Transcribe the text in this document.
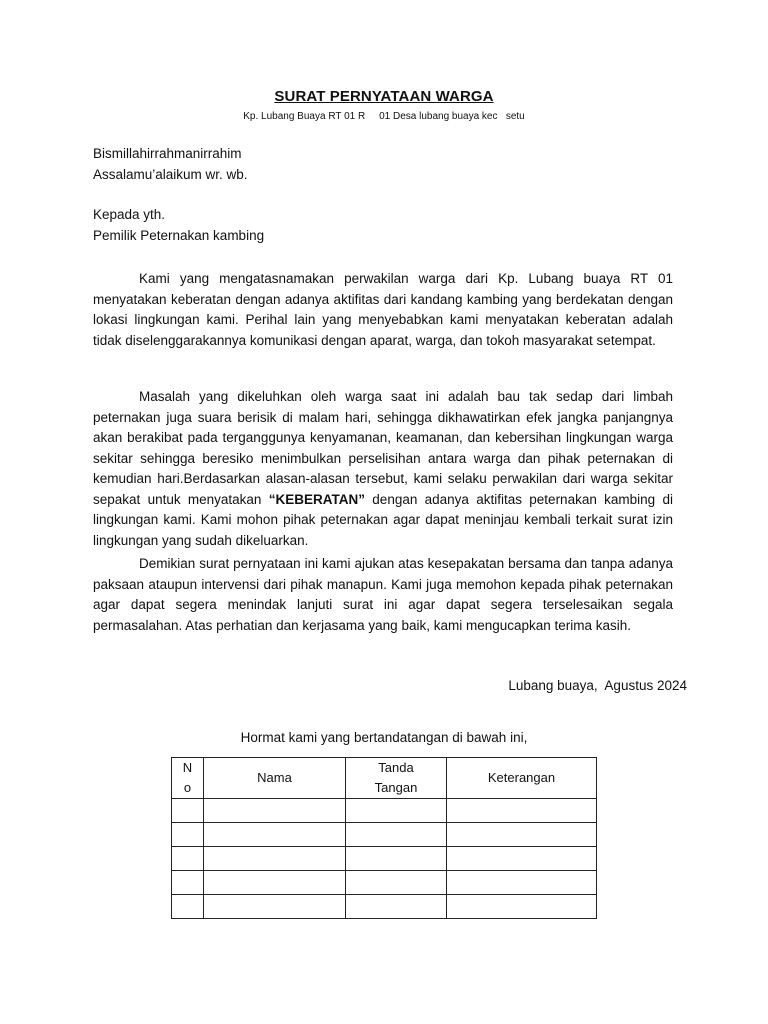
SURAT PERNYATAAN WARGA
Kp. Lubang Buaya RT 01 R     01 Desa lubang buaya kec   setu
Bismillahirrahmanirrahim
Assalamu’alaikum wr. wb.
Kepada yth.
Pemilik Peternakan kambing

Kami yang mengatasnamakan perwakilan warga dari Kp. Lubang buaya RT 01 menyatakan keberatan dengan adanya aktifitas dari kandang kambing yang berdekatan dengan lokasi lingkungan kami. Perihal lain yang menyebabkan kami menyatakan keberatan adalah tidak diselenggarakannya komunikasi dengan aparat, warga, dan tokoh masyarakat setempat.

Masalah yang dikeluhkan oleh warga saat ini adalah bau tak sedap dari limbah peternakan juga suara berisik di malam hari, sehingga dikhawatirkan efek jangka panjangnya akan berakibat pada terganggunya kenyamanan, keamanan, dan kebersihan lingkungan warga sekitar sehingga beresiko menimbulkan perselisihan antara warga dan pihak peternakan di kemudian hari.Berdasarkan alasan-alasan tersebut, kami selaku perwakilan dari warga sekitar sepakat untuk menyatakan “KEBERATAN” dengan adanya aktifitas peternakan kambing di lingkungan kami. Kami mohon pihak peternakan agar dapat meninjau kembali terkait surat izin lingkungan yang sudah dikeluarkan.

Demikian surat pernyataan ini kami ajukan atas kesepakatan bersama dan tanpa adanya paksaan ataupun intervensi dari pihak manapun. Kami juga memohon kepada pihak peternakan agar dapat segera menindak lanjuti surat ini agar dapat segera terselesaikan segala permasalahan. Atas perhatian dan kerjasama yang baik, kami mengucapkan terima kasih.

Lubang buaya,  Agustus 2024
Hormat kami yang bertandatangan di bawah ini,
No	Nama	Tanda Tangan	Keterangan
